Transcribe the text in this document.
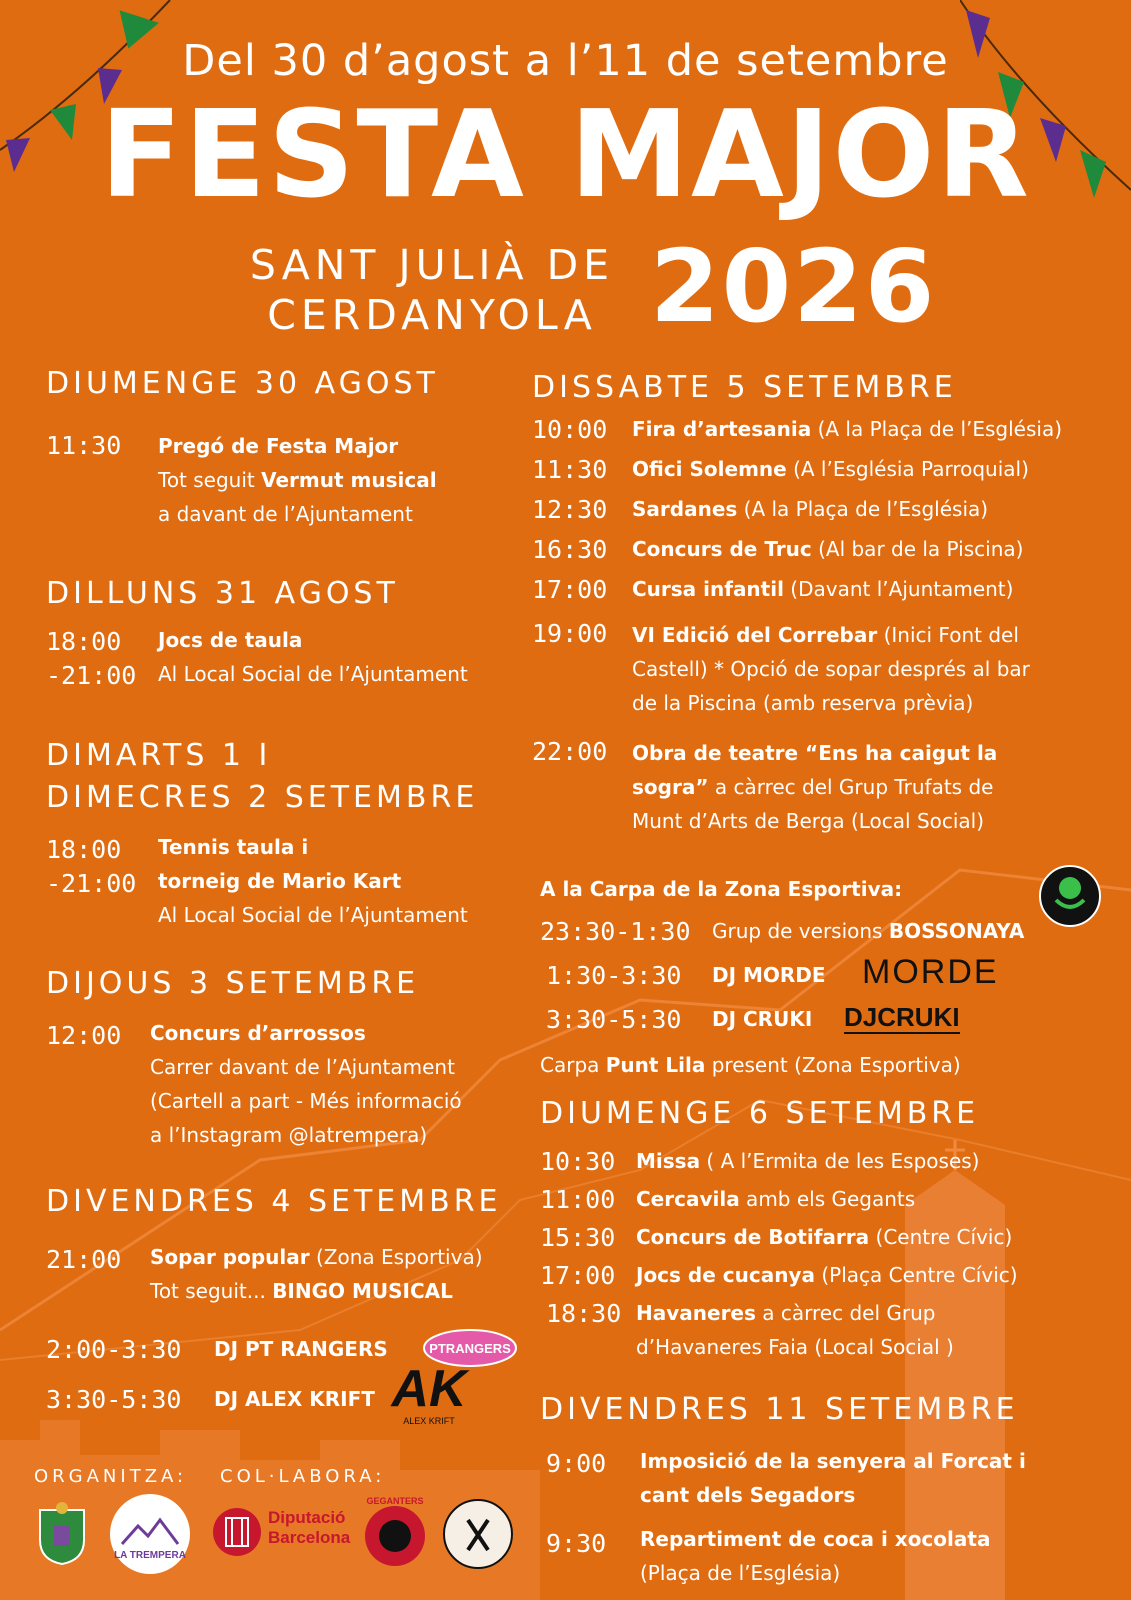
Del 30 d’agost a l’11 de setembre
FESTA MAJOR
SANT JULIÀ DE
CERDANYOLA 2026
DIUMENGE 30 AGOST
11:30 Pregó de Festa Major
Tot seguit Vermut musical
a davant de l’Ajuntament
DILLUNS 31 AGOST
18:00
-21:00
Jocs de taula
Al Local Social de l’Ajuntament
DIMARTS 1 I
DIMECRES 2 SETEMBRE
18:00
-21:00
Tennis taula i
torneig de Mario Kart
Al Local Social de l’Ajuntament
DIJOUS 3 SETEMBRE
12:00 Concurs d’arrossos
Carrer davant de l’Ajuntament
(Cartell a part - Més informació
a l’Instagram @latrempera)
DIVENDRES 4 SETEMBRE
21:00 Sopar popular (Zona Esportiva)
Tot seguit... BINGO MUSICAL
2:00-3:30 DJ PT RANGERS	PTRANGERS
3:30-5:30 DJ ALEX KRIFT AK
ALEX KRIFT
DISSABTE 5 SETEMBRE
10:00 Fira d’artesania (A la Plaça de l’Església)
11:30 Ofici Solemne (A l’Església Parroquial)
12:30 Sardanes (A la Plaça de l’Església)
16:30 Concurs de Truc (Al bar de la Piscina)
17:00 Cursa infantil (Davant l’Ajuntament)
19:00 VI Edició del Correbar (Inici Font del
Castell) * Opció de sopar després al bar
de la Piscina (amb reserva prèvia)
22:00 Obra de teatre “Ens ha caigut la
sogra” a càrrec del Grup Trufats de
Munt d’Arts de Berga (Local Social)
A la Carpa de la Zona Esportiva:
23:30-1:30 Grup de versions BOSSONAYA
1:30-3:30 DJ MORDE MORDE
3:30-5:30 DJ CRUKI DJCRUKI
Carpa Punt Lila present (Zona Esportiva)
DIUMENGE 6 SETEMBRE
10:30 Missa ( A l’Ermita de les Esposes)
11:00 Cercavila amb els Gegants
15:30 Concurs de Botifarra (Centre Cívic)
17:00 Jocs de cucanya (Plaça Centre Cívic)
18:30 Havaneres a càrrec del Grup
d’Havaneres Faia (Local Social )
DIVENDRES 11 SETEMBRE
9:00 Imposició de la senyera al Forcat i
cant dels Segadors
9:30 Repartiment de coca i xocolata
(Plaça de l’Església)
ORGANITZA: COL·LABORA:
LA TREMPERA
Diputació
Barcelona
GEGANTERS
